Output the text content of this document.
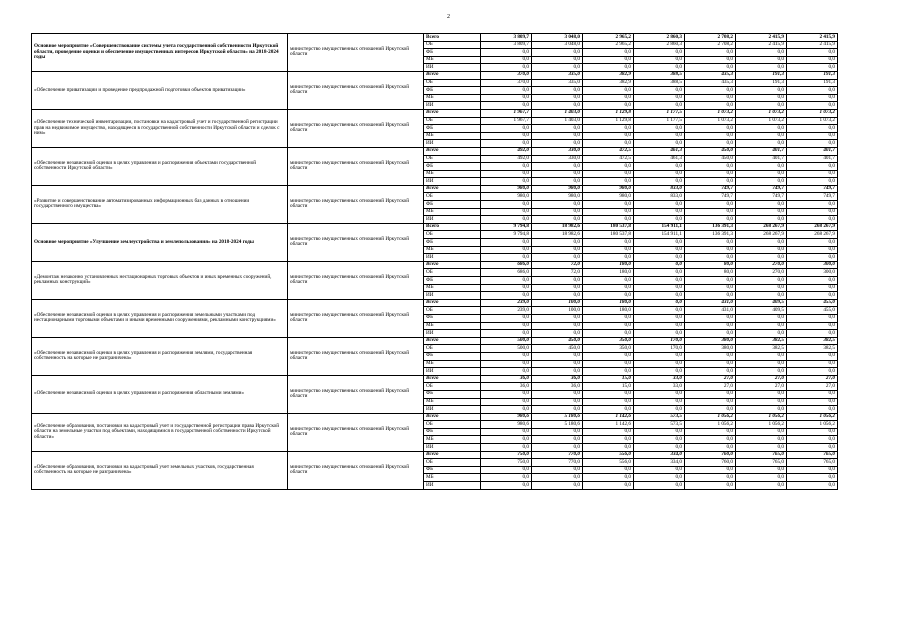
2
Основное мероприятие «Совершенствование системы учета государственной собственности Иркутской области, проведение оценки и обеспечение имущественных интересов Иркутской области» на 2018-2024 годы	министерство имущественных отношений Иркутской области	Всего	3 809,7	3 048,0	2 965,2	2 860,3	2 708,2	2 415,9	2 415,9
		ОБ	3 809,7	3 048,0	2 965,2	2 860,3	2 708,2	2 415,9	2 415,9
		ФБ	0,0	0,0	0,0	0,0	0,0	0,0	0,0
		МБ	0,0	0,0	0,0	0,0	0,0	0,0	0,0
		ИИ	0,0	0,0	0,0	0,0	0,0	0,0	0,0
«Обеспечение приватизации и проведение предпродажной подготовки объектов приватизации»	министерство имущественных отношений Иркутской области	Всего	370,0	335,0	382,9	388,5	435,3	191,3	191,3
		ОБ	370,0	335,0	382,9	388,5	435,3	191,3	191,3
		ФБ	0,0	0,0	0,0	0,0	0,0	0,0	0,0
		МБ	0,0	0,0	0,0	0,0	0,0	0,0	0,0
		ИИ	0,0	0,0	0,0	0,0	0,0	0,0	0,0
«Обеспечение технической инвентаризации, постановки на кадастровый учет и государственной регистрации прав на недвижимое имущество, находящееся в государственной собственности Иркутской области и сделок с ним»	министерство имущественных отношений Иркутской области	Всего	1 967,7	1 403,0	1 129,8	1 177,5	1 073,2	1 073,2	1 073,2
		ОБ	1 967,7	1 403,0	1 129,8	1 177,5	1 073,2	1 073,2	1 073,2
		ФБ	0,0	0,0	0,0	0,0	0,0	0,0	0,0
		МБ	0,0	0,0	0,0	0,0	0,0	0,0	0,0
		ИИ	0,0	0,0	0,0	0,0	0,0	0,0	0,0
«Обеспечение независимой оценки в целях управления и распоряжения объектами государственной собственности Иркутской области»	министерство имущественных отношений Иркутской области	Всего	492,0	330,0	472,5	461,3	450,0	401,7	401,7
		ОБ	492,0	330,0	472,5	461,3	450,0	401,7	401,7
		ФБ	0,0	0,0	0,0	0,0	0,0	0,0	0,0
		МБ	0,0	0,0	0,0	0,0	0,0	0,0	0,0
		ИИ	0,0	0,0	0,0	0,0	0,0	0,0	0,0
«Развитие и совершенствование автоматизированных информационных баз данных в отношении государственного имущества»	министерство имущественных отношений Иркутской области	Всего	980,0	980,0	980,0	833,0	749,7	749,7	749,7
		ОБ	980,0	980,0	980,0	833,0	749,7	749,7	749,7
		ФБ	0,0	0,0	0,0	0,0	0,0	0,0	0,0
		МБ	0,0	0,0	0,0	0,0	0,0	0,0	0,0
		ИИ	0,0	0,0	0,0	0,0	0,0	0,0	0,0
Основное мероприятие «Улучшение землеустройства и землепользования» на 2018-2024 годы	министерство имущественных отношений Иркутской области	Всего	9 794,8	18 982,6	180 537,8	154 911,1	136 391,3	268 267,9	268 267,9
		ОБ	9 794,8	18 982,6	180 537,8	154 911,1	136 391,3	268 267,9	268 267,9
		ФБ	0,0	0,0	0,0	0,0	0,0	0,0	0,0
		МБ	0,0	0,0	0,0	0,0	0,0	0,0	0,0
		ИИ	0,0	0,0	0,0	0,0	0,0	0,0	0,0
«Демонтаж незаконно установленных нестационарных торговых объектов и иных временных сооружений, рекламных конструкций»	министерство имущественных отношений Иркутской области	Всего	686,0	72,0	180,0	0,0	80,0	270,0	300,0
		ОБ	686,0	72,0	180,0	0,0	80,0	270,0	300,0
		ФБ	0,0	0,0	0,0	0,0	0,0	0,0	0,0
		МБ	0,0	0,0	0,0	0,0	0,0	0,0	0,0
		ИИ	0,0	0,0	0,0	0,0	0,0	0,0	0,0
«Обеспечение независимой оценки в целях управления и распоряжения земельными участками под нестационарными торговыми объектами и иными временными сооружениями, рекламными конструкциями»	министерство имущественных отношений Иркутской области	Всего	239,0	100,0	180,0	0,0	431,0	409,5	455,0
		ОБ	239,0	100,0	180,0	0,0	431,0	409,5	455,0
		ФБ	0,0	0,0	0,0	0,0	0,0	0,0	0,0
		МБ	0,0	0,0	0,0	0,0	0,0	0,0	0,0
		ИИ	0,0	0,0	0,0	0,0	0,0	0,0	0,0
«Обеспечение независимой оценки в целях управления и распоряжения землями, государственная собственность на которые не разграничена»	министерство имущественных отношений Иркутской области	Всего	500,0	450,0	350,0	170,0	380,0	382,5	382,5
		ОБ	500,0	450,0	350,0	170,0	380,0	382,5	382,5
		ФБ	0,0	0,0	0,0	0,0	0,0	0,0	0,0
		МБ	0,0	0,0	0,0	0,0	0,0	0,0	0,0
		ИИ	0,0	0,0	0,0	0,0	0,0	0,0	0,0
«Обеспечение независимой оценки в целях управления и распоряжения областными землями»	министерство имущественных отношений Иркутской области	Всего	36,0	36,0	15,0	33,0	27,0	27,0	27,0
		ОБ	36,0	36,0	15,0	33,0	27,0	27,0	27,0
		ФБ	0,0	0,0	0,0	0,0	0,0	0,0	0,0
		МБ	0,0	0,0	0,0	0,0	0,0	0,0	0,0
		ИИ	0,0	0,0	0,0	0,0	0,0	0,0	0,0
«Обеспечение образования, постановки на кадастровый учет и государственной регистрации права Иркутской области на земельные участки под объектами, находящимися в государственной собственности Иркутской области»	министерство имущественных отношений Иркутской области	Всего	980,6	5 180,6	1 142,6	573,5	1 056,2	1 056,2	1 056,2
		ОБ	980,6	5 180,6	1 142,6	573,5	1 056,2	1 056,2	1 056,2
		ФБ	0,0	0,0	0,0	0,0	0,0	0,0	0,0
		МБ	0,0	0,0	0,0	0,0	0,0	0,0	0,0
		ИИ	0,0	0,0	0,0	0,0	0,0	0,0	0,0
«Обеспечение образования, постановки на кадастровый учет земельных участков, государственная собственность на которые не разграничена»	министерство имущественных отношений Иркутской области	Всего	750,0	770,0	556,0	334,0	760,0	765,0	765,0
		ОБ	750,0	770,0	556,0	334,0	760,0	765,0	765,0
		ФБ	0,0	0,0	0,0	0,0	0,0	0,0	0,0
		МБ	0,0	0,0	0,0	0,0	0,0	0,0	0,0
		ИИ	0,0	0,0	0,0	0,0	0,0	0,0	0,0
